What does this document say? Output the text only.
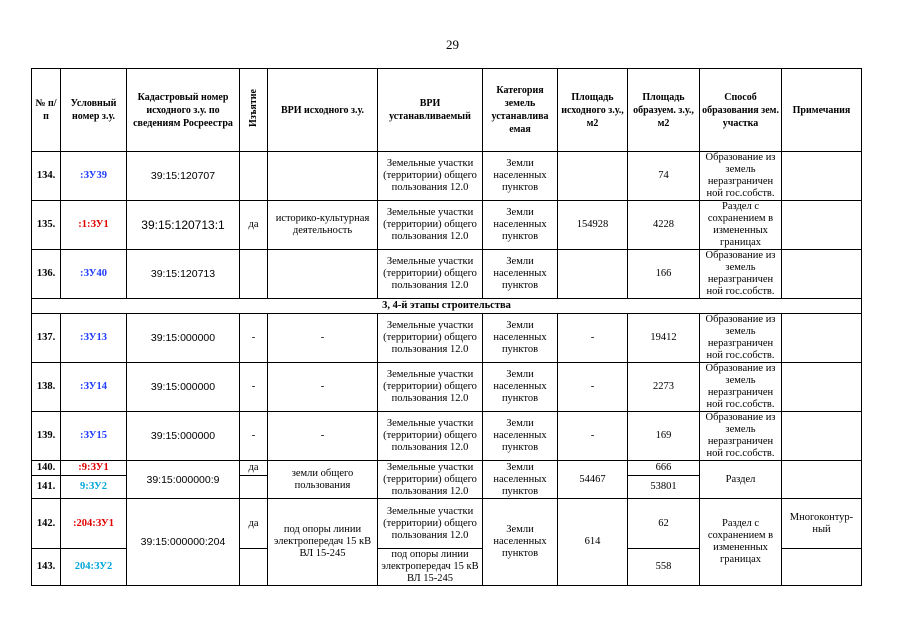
29
№ п/п	Условный номер з.у.	Кадастровый номер исходного з.у. по сведениям Росреестра	Изъятие	ВРИ исходного з.у.	ВРИ устанавливаемый	Категория земель устанавлива емая	Площадь исходного з.у., м2	Площадь образуем. з.у., м2	Способ образования зем. участка	Примечания
134.	:ЗУ39	39:15:120707			Земельные участки (территории) общего пользования 12.0	Земли населенных пунктов		74	Образование из земель неразграничен ной гос.собств.	
135.	:1:ЗУ1	39:15:120713:1	да	историко-культурная деятельность	Земельные участки (территории) общего пользования 12.0	Земли населенных пунктов	154928	4228	Раздел с сохранением в измененных границах	
136.	:ЗУ40	39:15:120713			Земельные участки (территории) общего пользования 12.0	Земли населенных пунктов		166	Образование из земель неразграничен ной гос.собств.	
3, 4-й этапы строительства										
137.	:ЗУ13	39:15:000000	-	-	Земельные участки (территории) общего пользования 12.0	Земли населенных пунктов	-	19412	Образование из земель неразграничен ной гос.собств.	
138.	:ЗУ14	39:15:000000	-	-	Земельные участки (территории) общего пользования 12.0	Земли населенных пунктов	-	2273	Образование из земель неразграничен ной гос.собств.	
139.	:ЗУ15	39:15:000000	-	-	Земельные участки (территории) общего пользования 12.0	Земли населенных пунктов	-	169	Образование из земель неразграничен ной гос.собств.	
140.	:9:ЗУ1	39:15:000000:9	да	земли общего пользования	Земельные участки (территории) общего пользования 12.0	Земли населенных пунктов	54467	666	Раздел	
141.	9:ЗУ2							53801		
142.	:204:ЗУ1	39:15:000000:204	да	под опоры линии электропередач 15 кВ ВЛ 15-245	Земельные участки (территории) общего пользования 12.0	Земли населенных пунктов	614	62	Раздел с сохранением в измененных границах	Многоконтур-ный
143.	204:ЗУ2				под опоры линии электропередач 15 кВ ВЛ 15-245			558		
